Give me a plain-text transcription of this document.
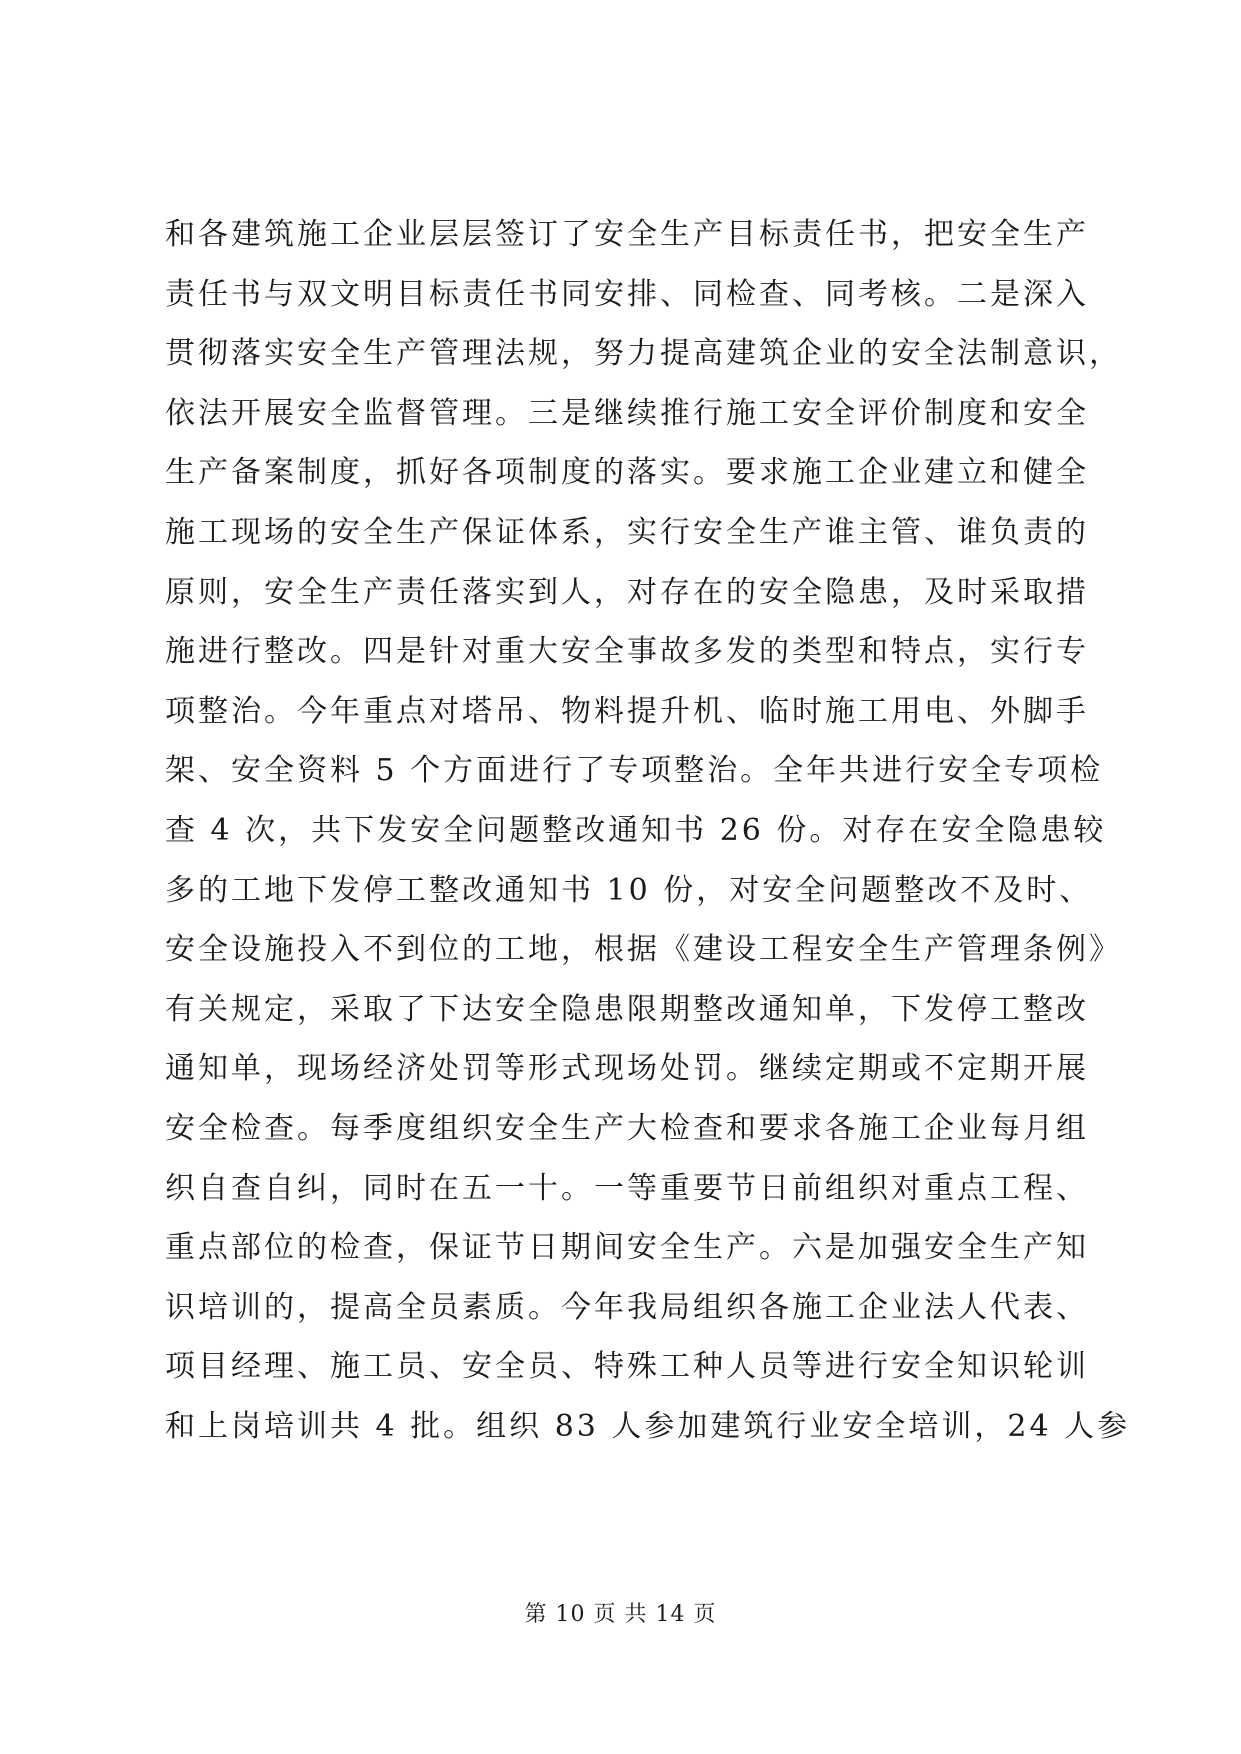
和各建筑施工企业层层签订了安全生产目标责任书，把安全生产
责任书与双文明目标责任书同安排、同检查、同考核。二是深入
贯彻落实安全生产管理法规，努力提高建筑企业的安全法制意识，
依法开展安全监督管理。三是继续推行施工安全评价制度和安全
生产备案制度，抓好各项制度的落实。要求施工企业建立和健全
施工现场的安全生产保证体系，实行安全生产谁主管、谁负责的
原则，安全生产责任落实到人，对存在的安全隐患，及时采取措
施进行整改。四是针对重大安全事故多发的类型和特点，实行专
项整治。今年重点对塔吊、物料提升机、临时施工用电、外脚手
架、安全资料 5 个方面进行了专项整治。全年共进行安全专项检
查 4 次，共下发安全问题整改通知书 26 份。对存在安全隐患较
多的工地下发停工整改通知书 10 份，对安全问题整改不及时、
安全设施投入不到位的工地，根据《建设工程安全生产管理条例》
有关规定，采取了下达安全隐患限期整改通知单，下发停工整改
通知单，现场经济处罚等形式现场处罚。继续定期或不定期开展
安全检查。每季度组织安全生产大检查和要求各施工企业每月组
织自查自纠，同时在五一十。一等重要节日前组织对重点工程、
重点部位的检查，保证节日期间安全生产。六是加强安全生产知
识培训的，提高全员素质。今年我局组织各施工企业法人代表、
项目经理、施工员、安全员、特殊工种人员等进行安全知识轮训
和上岗培训共 4 批。组织 83 人参加建筑行业安全培训，24 人参
第 10 页 共 14 页
